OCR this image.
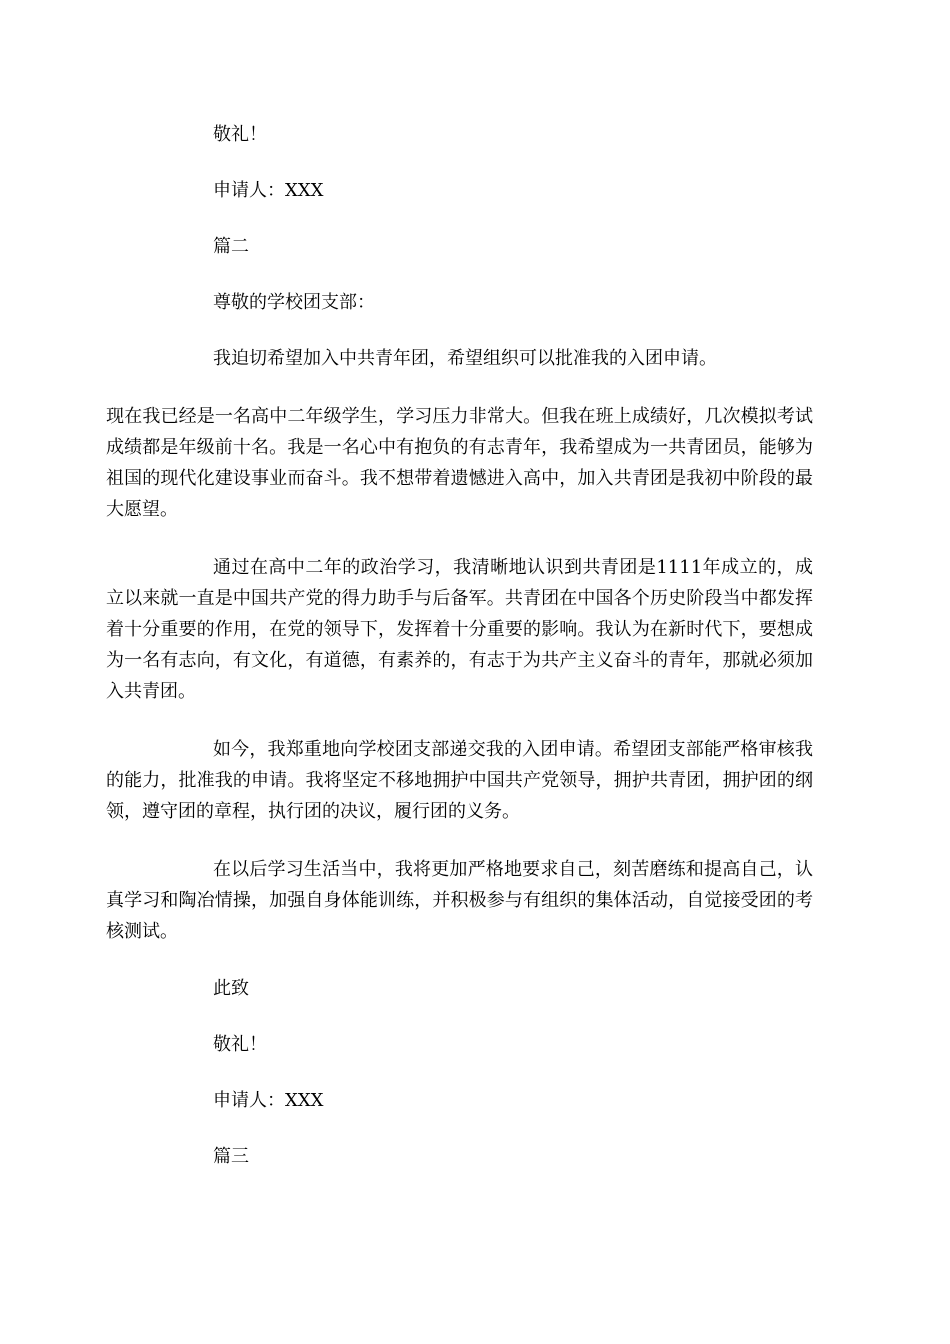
敬礼！
申请人：XXX
篇二
尊敬的学校团支部：
我迫切希望加入中共青年团，希望组织可以批准我的入团申请。
现在我已经是一名高中二年级学生，学习压力非常大。但我在班上成绩好，几次模拟考试成绩都是年级前十名。我是一名心中有抱负的有志青年，我希望成为一共青团员，能够为祖国的现代化建设事业而奋斗。我不想带着遗憾进入高中，加入共青团是我初中阶段的最大愿望。
通过在高中二年的政治学习，我清晰地认识到共青团是1111年成立的，成立以来就一直是中国共产党的得力助手与后备军。共青团在中国各个历史阶段当中都发挥着十分重要的作用，在党的领导下，发挥着十分重要的影响。我认为在新时代下，要想成为一名有志向，有文化，有道德，有素养的，有志于为共产主义奋斗的青年，那就必须加入共青团。
如今，我郑重地向学校团支部递交我的入团申请。希望团支部能严格审核我的能力，批准我的申请。我将坚定不移地拥护中国共产党领导，拥护共青团，拥护团的纲领，遵守团的章程，执行团的决议，履行团的义务。
在以后学习生活当中，我将更加严格地要求自己，刻苦磨练和提高自己，认真学习和陶冶情操，加强自身体能训练，并积极参与有组织的集体活动，自觉接受团的考核测试。
此致
敬礼！
申请人：XXX
篇三
